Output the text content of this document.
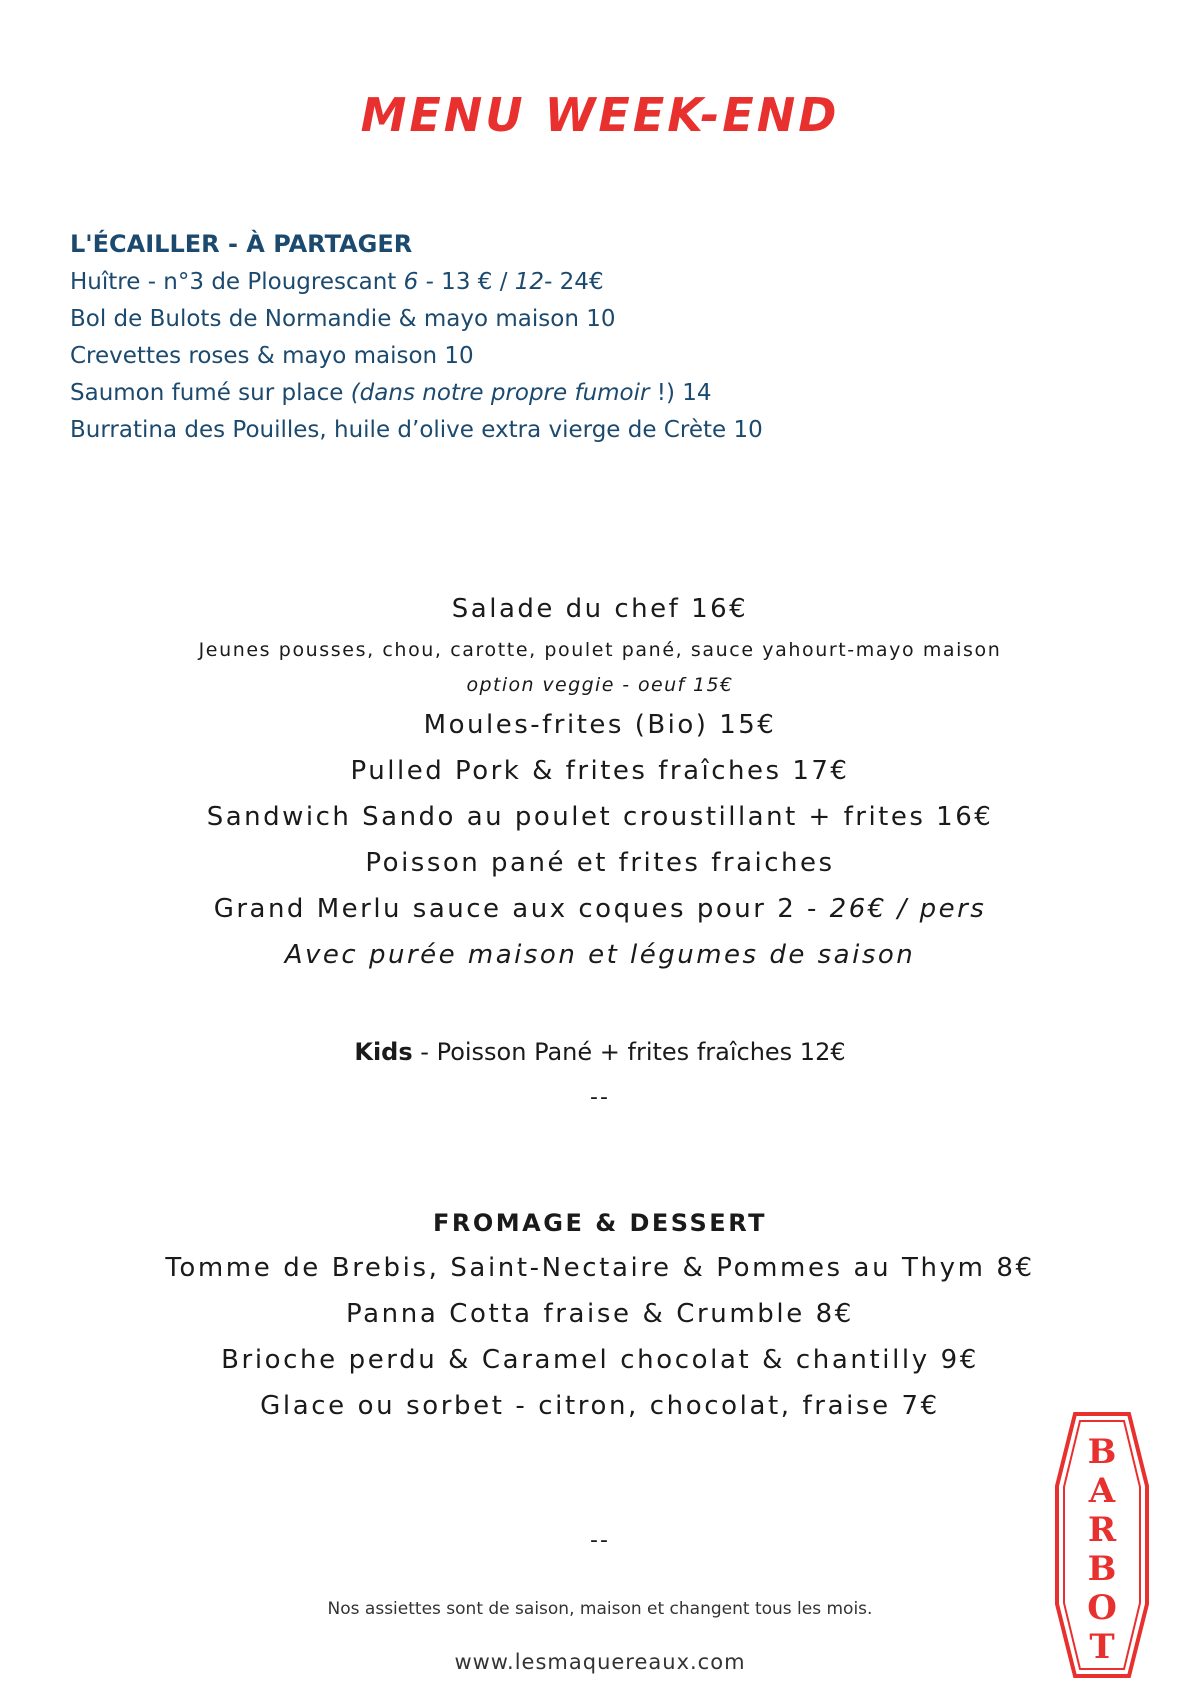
MENU WEEK-END
L'ÉCAILLER - À PARTAGER
Huître - n°3 de Plougrescant 6 - 13 € / 12- 24€
Bol de Bulots de Normandie & mayo maison 10
Crevettes roses & mayo maison 10
Saumon fumé sur place (dans notre propre fumoir !) 14
Burratina des Pouilles, huile d’olive extra vierge de Crète 10
Salade du chef 16€
Jeunes pousses, chou, carotte, poulet pané, sauce yahourt-mayo maison
option veggie - oeuf 15€
Moules-frites (Bio) 15€
Pulled Pork & frites fraîches 17€
Sandwich Sando au poulet croustillant + frites 16€
Poisson pané et frites fraiches
Grand Merlu sauce aux coques pour 2 - 26€ / pers
Avec purée maison et légumes de saison
Kids - Poisson Pané + frites fraîches 12€
--
FROMAGE & DESSERT
Tomme de Brebis, Saint-Nectaire & Pommes au Thym 8€
Panna Cotta fraise & Crumble 8€
Brioche perdu & Caramel chocolat & chantilly 9€
Glace ou sorbet - citron, chocolat, fraise 7€
--
Nos assiettes sont de saison, maison et changent tous les mois.
www.lesmaquereaux.com
B
A
R
B
O
T
